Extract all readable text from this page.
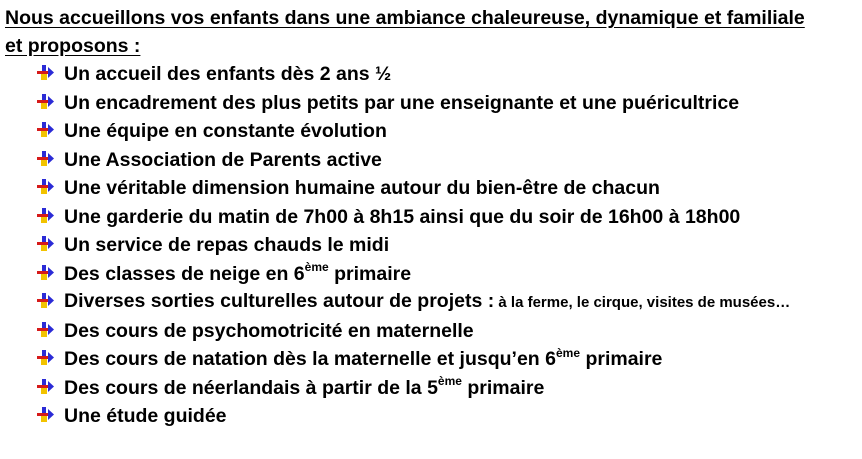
Nous accueillons vos enfants dans une ambiance chaleureuse, dynamique et familiale
et proposons :
Un accueil des enfants dès 2 ans ½
Un encadrement des plus petits par une enseignante et une puéricultrice
Une équipe en constante évolution
Une Association de Parents active
Une véritable dimension humaine autour du bien-être de chacun
Une garderie du matin de 7h00 à 8h15 ainsi que du soir de 16h00 à 18h00
Un service de repas chauds le midi
Des classes de neige en 6ème primaire
Diverses sorties culturelles autour de projets : à la ferme, le cirque, visites de musées…
Des cours de psychomotricité en maternelle
Des cours de natation dès la maternelle et jusqu’en 6ème primaire
Des cours de néerlandais à partir de la 5ème primaire
Une étude guidée
